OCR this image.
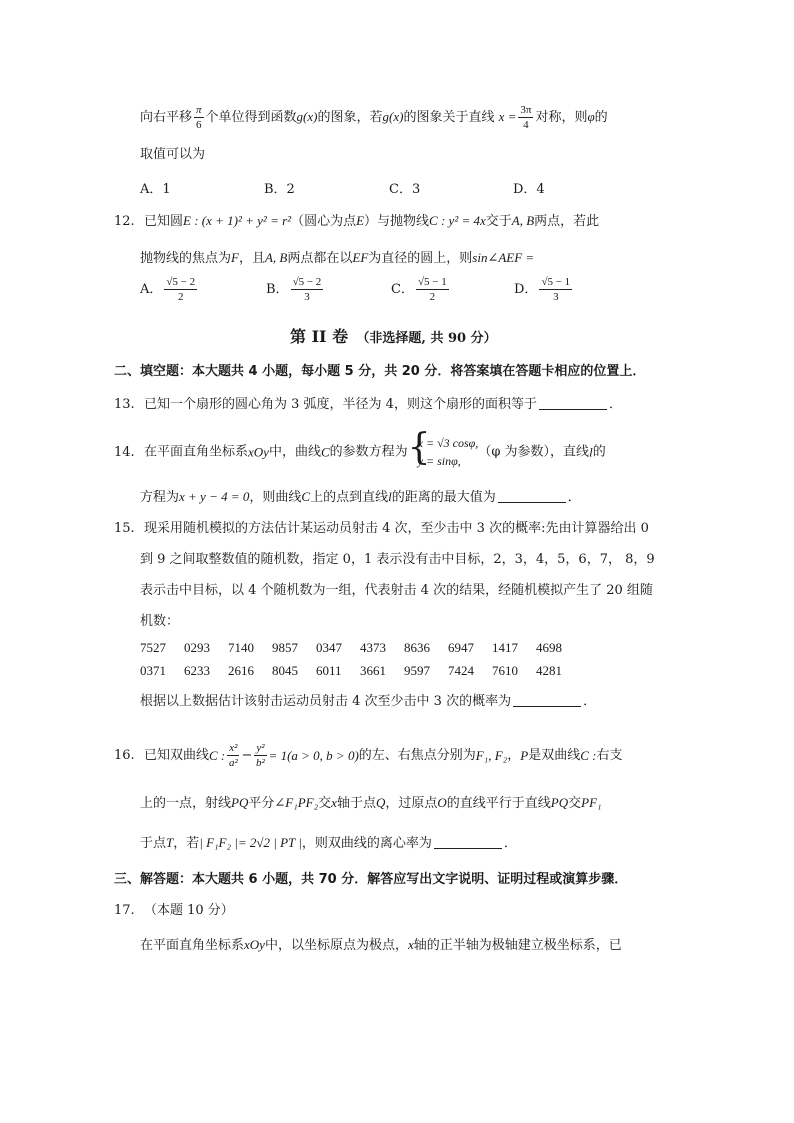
向右平移 $\frac{\pi}{6}$ 个单位得到函数g(x)的图象，若g(x)的图象关于直线 $x = \frac{3\pi}{4}$ 对称，则φ的
取值可以为
A．1	B．2	C．3	D．4
12. 已知圆E : (x + 1)² + y² = r²（圆心为点E）与抛物线C : y² = 4x交于A, B两点，若此
抛物线的焦点为F，且A, B两点都在以EF为直径的圆上，则sin∠AEF =
A． $\frac{√5 - 2}{2}$	B． $\frac{√5 - 2}{3}$	C． $\frac{√5 - 1}{2}$	D． $\frac{√5 - 1}{3}$
第 II 卷 （非选择题, 共 90 分）
二、填空题：本大题共 4 小题，每小题 5 分，共 20 分．将答案填在答题卡相应的位置上．
13. 已知一个扇形的圆心角为 3 弧度，半径为 4，则这个扇形的面积等于	．
14. 在平面直角坐标系xOy中，曲线C的参数方程为 {
x = √3 cosφ,
y = sinφ,
（φ 为参数），直线l的
方程为x + y − 4 = 0，则曲线C上的点到直线l的距离的最大值为	．
15. 现采用随机模拟的方法估计某运动员射击 4 次，至少击中 3 次的概率:先由计算器给出 0
到 9 之间取整数值的随机数，指定 0，1 表示没有击中目标，2，3，4，5，6，7， 8，9
表示击中目标，以 4 个随机数为一组，代表射击 4 次的结果，经随机模拟产生了 20 组随
机数：
7527 0293 7140 9857 0347 4373 8636 6947 1417 4698
0371 6233 2616 8045 6011 3661 9597 7424 7610 4281
根据以上数据估计该射击运动员射击 4 次至少击中 3 次的概率为	．
16. 已知双曲线C : $\frac{\text{x²}}{\text{a²}} - \frac{\text{y²}}{\text{b²}} = 1(a > 0$, b > 0)的左、右焦点分别为F₁, F₂，P是双曲线C :右支
上的一点，射线PQ平分∠F₁PF₂交x轴于点Q，过原点O的直线平行于直线PQ交PF₁
于点T，若| F₁F₂ |= 2√2 | PT |，则双曲线的离心率为	．
三、解答题：本大题共 6 小题，共 70 分．解答应写出文字说明、证明过程或演算步骤．
17. （本题 10 分）
在平面直角坐标系xOy中，以坐标原点为极点，x轴的正半轴为极轴建立极坐标系，已
